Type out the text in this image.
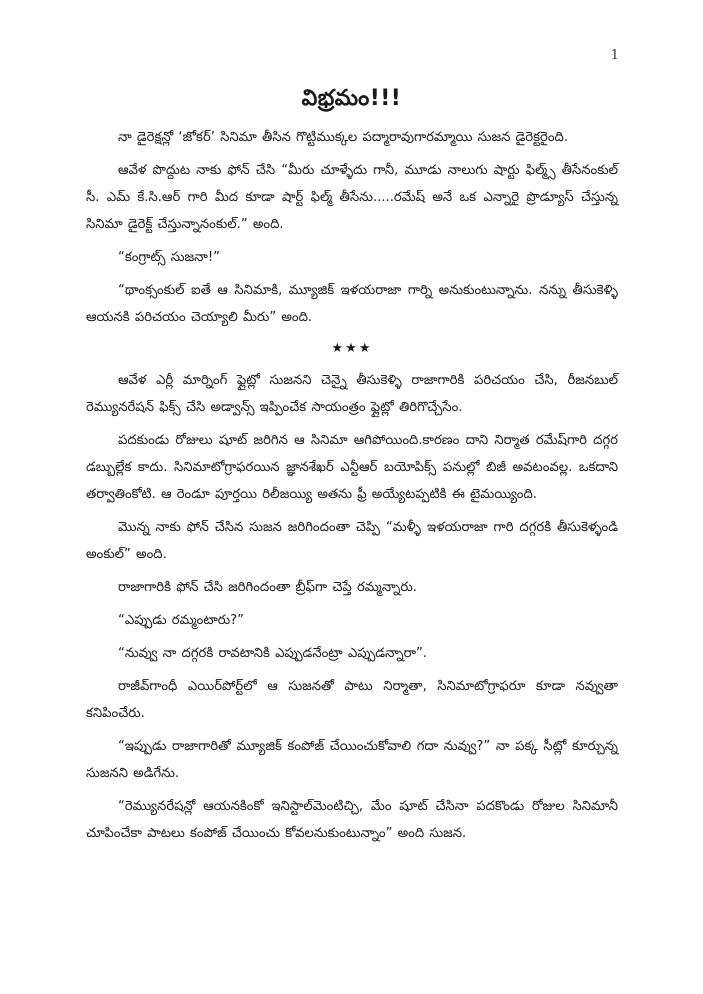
1
విభ్రమం!!!

నా డైరెక్షన్లో ‘జోకర్’ సినిమా తీసిన గొట్టిముక్కల పద్మారావుగారమ్మాయి సుజన డైరెక్టరైంది.

ఆవేళ పొద్దుట నాకు ఫోన్ చేసి “మీరు చూళ్ళేదు గానీ, మూడు నాలుగు షార్టు ఫిల్మ్స్ తీసేనంకుల్ సీ. ఎమ్ కే.సి.ఆర్ గారి మీద కూడా షార్ట్ ఫిల్మ్ తీసేను.....రమేష్ అనే ఒక ఎన్నారై ప్రొడ్యూస్ చేస్తున్న సినిమా డైరెక్ట్ చేస్తున్నానంకుల్.” అంది.

“కంగ్రాట్స్ సుజనా!”

“థాంక్సంకుల్ ఐతే ఆ సినిమాకి, మ్యూజిక్ ఇళయరాజా గార్ని అనుకుంటున్నాను. నన్ను తీసుకెళ్ళి ఆయనకి పరిచయం చెయ్యాలి మీరు” అంది.

★★★

ఆవేళ ఎర్లీ మార్నింగ్ ఫ్లైట్లో సుజనని చెన్నై తీసుకెళ్ళి రాజాగారికి పరిచయం చేసి, రీజనబుల్ రెమ్యునరేషన్ ఫిక్స్ చేసి అడ్వాన్స్ ఇప్పించేక సాయంత్రం ఫ్లైట్లో తిరిగొచ్చేసేం.

పదకుండు రోజులు షూట్ జరిగిన ఆ సినిమా ఆగిపోయింది.కారణం దాని నిర్మాత రమేష్‌గారి దగ్గర డబ్బుల్లేక కాదు. సినిమాటోగ్రాఫరయిన జ్ఞానశేఖర్ ఎన్టీఆర్ బయోపిక్స్ పనుల్లో బిజీ అవటంవల్ల. ఒకదాని తర్వాతింకోటి. ఆ రెండూ పూర్తయి రిలీజయ్యి అతను ఫ్రీ అయ్యేటప్పటికి ఈ టైమయ్యింది.

మొన్న నాకు ఫోన్ చేసిన సుజన జరిగిందంతా చెప్పి “మళ్ళీ ఇళయరాజా గారి దగ్గరకి తీసుకెళ్ళండి అంకుల్” అంది.

రాజాగారికి ఫోన్ చేసి జరిగిందంతా బ్రీఫ్‌గా చెప్తే రమ్మన్నారు.

“ఎప్పుడు రమ్మంటారు?”

“నువ్వు నా దగ్గరకి రావటానికి ఎప్పుడనేంట్రా ఎప్పుడన్నారా”.

రాజీవ్‌గాంధీ ఎయిర్‌పోర్ట్‌లో ఆ సుజనతో పాటు నిర్మాతా, సినిమాటోగ్రాఫరూ కూడా నవ్వుతా కనిపించేరు.

“ఇప్పుడు రాజాగారితో మ్యూజిక్ కంపోజ్ చేయించుకోవాలి గదా నువ్వు?” నా పక్క సీట్లో కూర్చున్న సుజనని అడిగేను.

“రెమ్యునరేషన్లో ఆయనకింకో ఇనిస్టాల్‌మెంటిచ్చి, మేం షూట్ చేసినా పదకొండు రోజుల సినిమానీ చూపించేకా పాటలు కంపోజ్ చేయించు కోవలనుకుంటున్నాం” అంది సుజన.
